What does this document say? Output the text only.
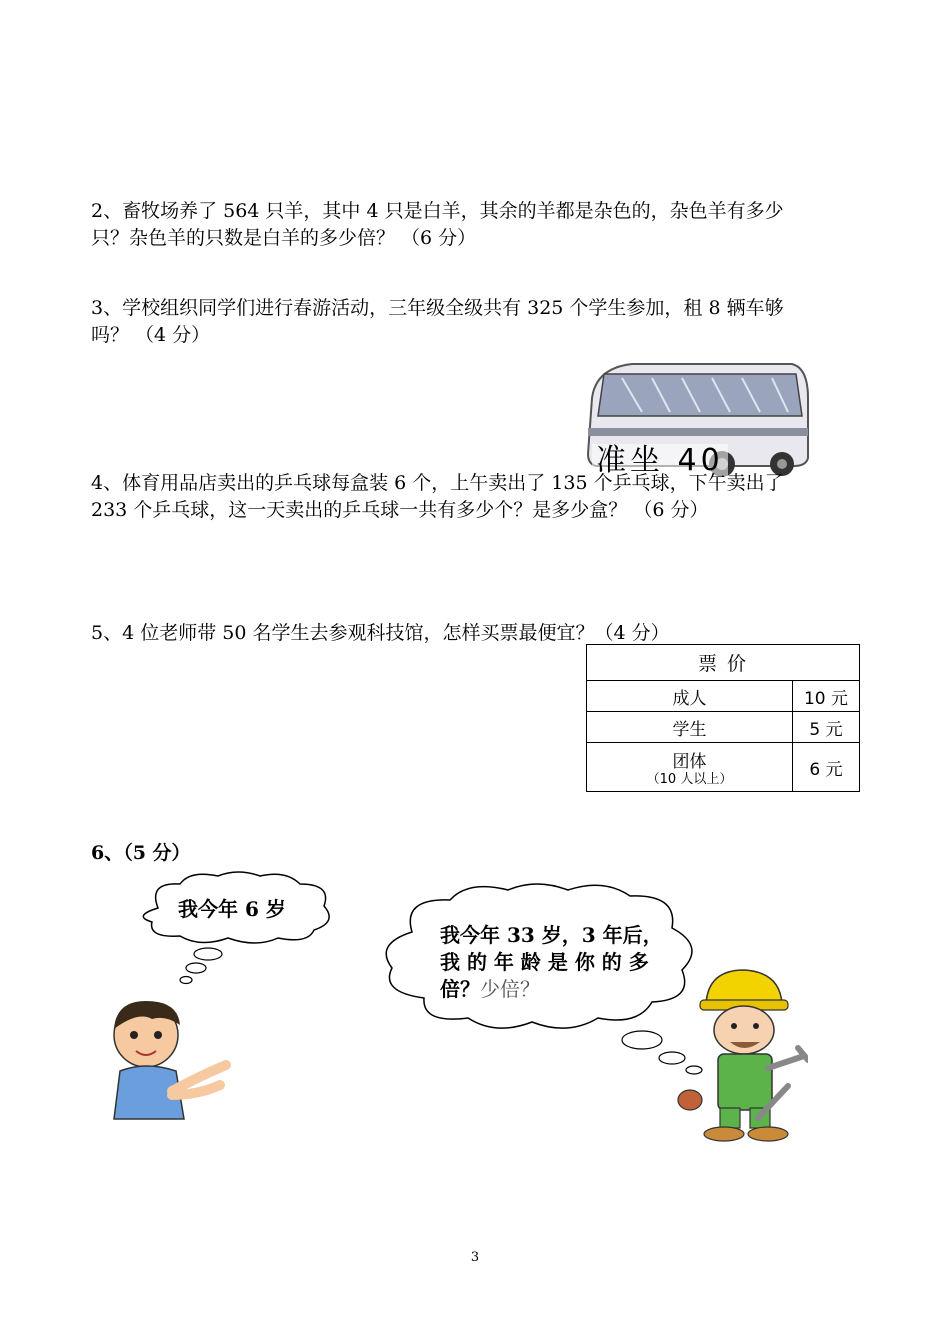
2、畜牧场养了 564 只羊，其中 4 只是白羊，其余的羊都是杂色的，杂色羊有多少
只？杂色羊的只数是白羊的多少倍？ （6 分）
3、学校组织同学们进行春游活动，三年级全级共有 325 个学生参加，租 8 辆车够
吗？ （4 分）
准坐 40
4、体育用品店卖出的乒乓球每盒装 6 个，上午卖出了 135 个乒乓球，下午卖出了
233 个乒乓球，这一天卖出的乒乓球一共有多少个？是多少盒？ （6 分）
5、4 位老师带 50 名学生去参观科技馆，怎样买票最便宜？（4 分）
票 价	
成人	10 元
学生	5 元
团体
（10 人以上）	6 元
6、（5 分）
我今年 6 岁
我今年 33 岁，3 年后，我 的 年 龄 是 你 的 多 倍？少倍？
3
